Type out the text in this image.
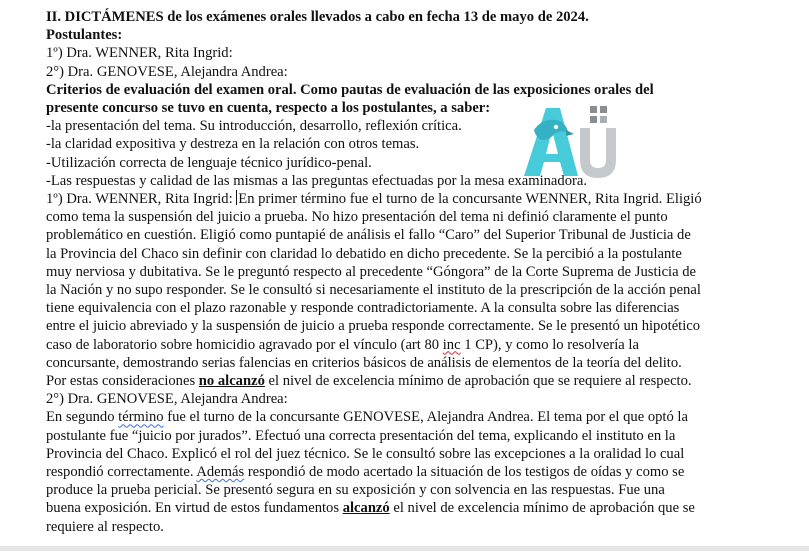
II. DICTÁMENES de los exámenes orales llevados a cabo en fecha 13 de mayo de 2024.
Postulantes:
1º) Dra. WENNER, Rita Ingrid:
2°) Dra. GENOVESE, Alejandra Andrea:
Criterios de evaluación del examen oral. Como pautas de evaluación de las exposiciones orales del
presente concurso se tuvo en cuenta, respecto a los postulantes, a saber:
-la presentación del tema. Su introducción, desarrollo, reflexión crítica.
-la claridad expositiva y destreza en la relación con otros temas.
-Utilización correcta de lenguaje técnico jurídico-penal.
-Las respuestas y calidad de las mismas a las preguntas efectuadas por la mesa examinadora.
1º) Dra. WENNER, Rita Ingrid: En primer término fue el turno de la concursante WENNER, Rita Ingrid. Eligió
como tema la suspensión del juicio a prueba. No hizo presentación del tema ni definió claramente el punto
problemático en cuestión. Eligió como puntapié de análisis el fallo “Caro” del Superior Tribunal de Justicia de
la Provincia del Chaco sin definir con claridad lo debatido en dicho precedente. Se la percibió a la postulante
muy nerviosa y dubitativa. Se le preguntó respecto al precedente “Góngora” de la Corte Suprema de Justicia de
la Nación y no supo responder. Se le consultó si necesariamente el instituto de la prescripción de la acción penal
tiene equivalencia con el plazo razonable y responde contradictoriamente. A la consulta sobre las diferencias
entre el juicio abreviado y la suspensión de juicio a prueba responde correctamente. Se le presentó un hipotético
caso de laboratorio sobre homicidio agravado por el vínculo (art 80 inc 1 CP), y como lo resolvería la
concursante, demostrando serias falencias en criterios básicos de análisis de elementos de la teoría del delito.
Por estas consideraciones no alcanzó el nivel de excelencia mínimo de aprobación que se requiere al respecto.
2°) Dra. GENOVESE, Alejandra Andrea:
En segundo término fue el turno de la concursante GENOVESE, Alejandra Andrea. El tema por el que optó la
postulante fue “juicio por jurados”. Efectuó una correcta presentación del tema, explicando el instituto en la
Provincia del Chaco. Explicó el rol del juez técnico. Se le consultó sobre las excepciones a la oralidad lo cual
respondió correctamente. Además respondió de modo acertado la situación de los testigos de oídas y como se
produce la prueba pericial. Se presentó segura en su exposición y con solvencia en las respuestas. Fue una
buena exposición. En virtud de estos fundamentos alcanzó el nivel de excelencia mínimo de aprobación que se
requiere al respecto.
